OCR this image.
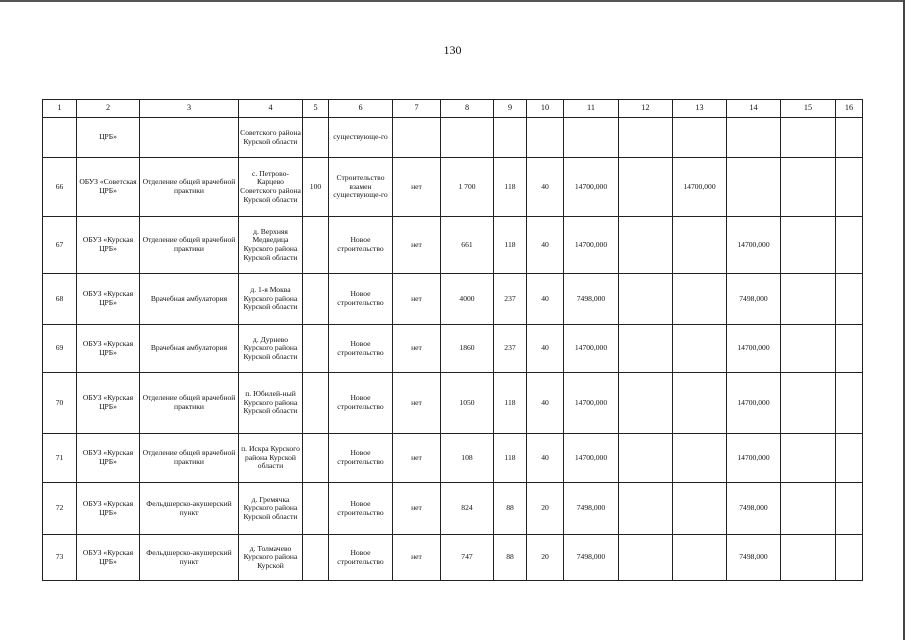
130
1	2	3	4	5	6	7	8	9	10	11	12	13	14	15	16
	ЦРБ»		Советского района Курской области		существующе-го										
66	ОБУЗ «Советская ЦРБ»	Отделение общей врачебной практики	с. Петрово-Карцево Советского района Курской области	100	Строительство взамен существующе-го	нет	1 700	118	40	14700,000		14700,000			
67	ОБУЗ «Курская ЦРБ»	Отделение общей врачебной практики	д. Верхняя Медведица Курского района Курской области		Новое строительство	нет	661	118	40	14700,000			14700,000		
68	ОБУЗ «Курская ЦРБ»	Врачебная амбулатория	д. 1-я Моква Курского района Курской области		Новое строительство	нет	4000	237	40	7498,000			7498,000		
69	ОБУЗ «Курская ЦРБ»	Врачебная амбулатория	д. Дурнево Курского района Курской области		Новое строительство	нет	1860	237	40	14700,000			14700,000		
70	ОБУЗ «Курская ЦРБ»	Отделение общей врачебной практики	п. Юбилей-ный Курского района Курской области		Новое строительство	нет	1050	118	40	14700,000			14700,000		
71	ОБУЗ «Курская ЦРБ»	Отделение общей врачебной практики	п. Искра Курского района Курской области		Новое строительство	нет	108	118	40	14700,000			14700,000		
72	ОБУЗ «Курская ЦРБ»	Фельдшерско-акушерский пункт	д. Гремячка Курского района Курской области		Новое строительство	нет	824	88	20	7498,000			7498,000		
73	ОБУЗ «Курская ЦРБ»	Фельдшерско-акушерский пункт	д. Толмачево Курского района Курской		Новое строительство	нет	747	88	20	7498,000			7498,000		
